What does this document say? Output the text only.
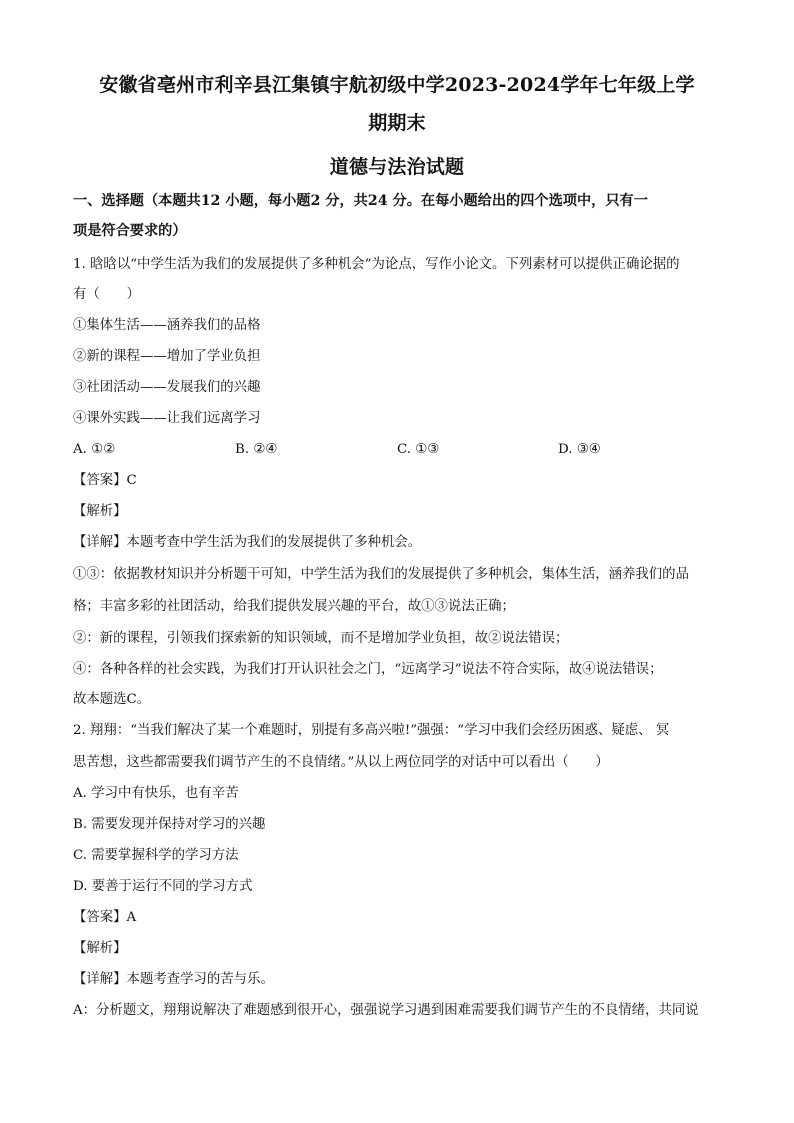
安徽省亳州市利辛县江集镇宇航初级中学2023-2024学年七年级上学
期期末
道德与法治试题
一、选择题（本题共12 小题，每小题2 分，共24 分。在每小题给出的四个选项中，只有一
项是符合要求的）
1. 晗晗以“中学生活为我们的发展提供了多种机会”为论点，写作小论文。下列素材可以提供正确论据的
有（　　）
①集体生活——涵养我们的品格
②新的课程——增加了学业负担
③社团活动——发展我们的兴趣
④课外实践——让我们远离学习
A. ①②	B. ②④	C. ①③	D. ③④
【答案】C
【解析】
【详解】本题考查中学生活为我们的发展提供了多种机会。
①③：依据教材知识并分析题干可知，中学生活为我们的发展提供了多种机会，集体生活，涵养我们的品
格；丰富多彩的社团活动，给我们提供发展兴趣的平台，故①③说法正确；
②：新的课程，引领我们探索新的知识领域，而不是增加学业负担，故②说法错误；
④：各种各样的社会实践，为我们打开认识社会之门，“远离学习”说法不符合实际，故④说法错误；
故本题选C。
2. 翔翔：“当我们解决了某一个难题时，别提有多高兴啦!”强强：“学习中我们会经历困惑、疑虑、 冥
思苦想，这些都需要我们调节产生的不良情绪。”从以上两位同学的对话中可以看出（　　）
A. 学习中有快乐，也有辛苦
B. 需要发现并保持对学习的兴趣
C. 需要掌握科学的学习方法
D. 要善于运行不同的学习方式
【答案】A
【解析】
【详解】本题考查学习的苦与乐。
A：分析题文，翔翔说解决了难题感到很开心，强强说学习遇到困难需要我们调节产生的不良情绪，共同说
